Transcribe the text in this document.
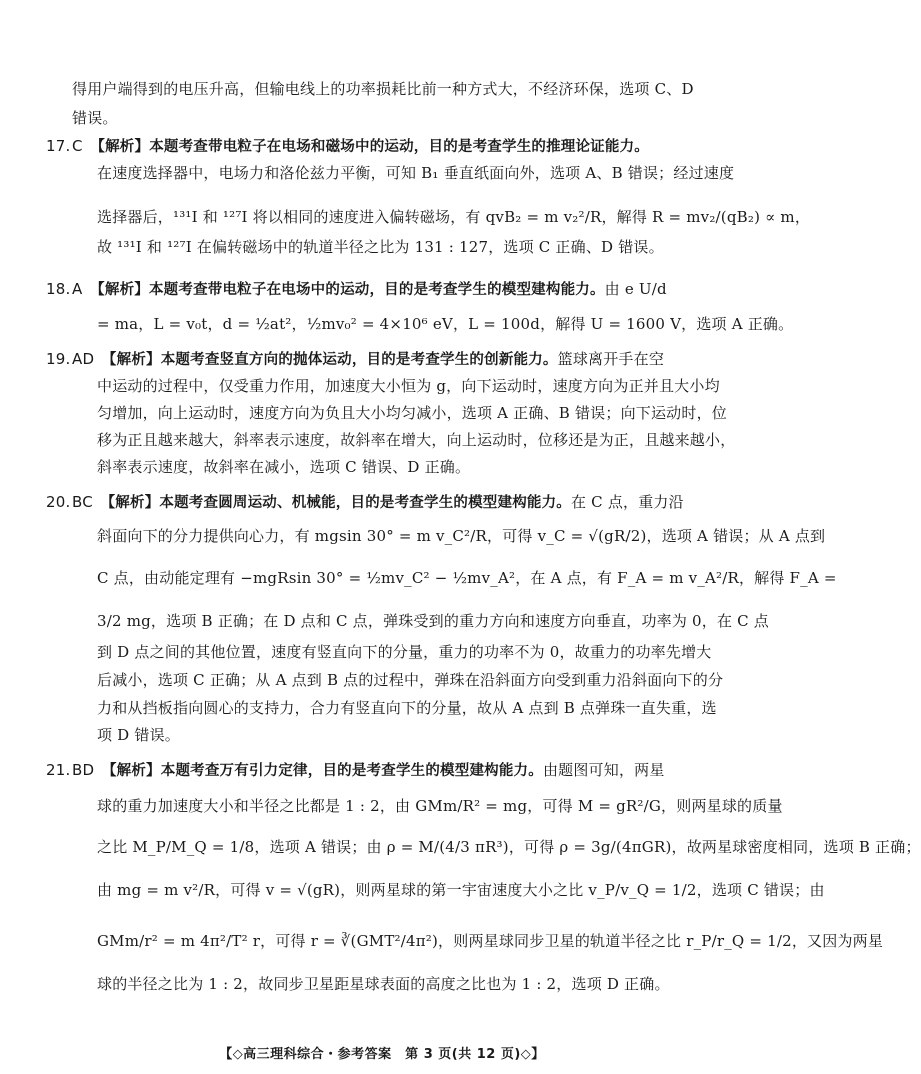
得用户端得到的电压升高，但输电线上的功率损耗比前一种方式大，不经济环保，选项 C、D
错误。
17. C  【解析】本题考查带电粒子在电场和磁场中的运动，目的是考查学生的推理论证能力。
在速度选择器中，电场力和洛伦兹力平衡，可知 B₁ 垂直纸面向外，选项 A、B 错误；经过速度
选择器后，¹³¹I 和 ¹²⁷I 将以相同的速度进入偏转磁场，有 qvB₂ = m v₂²/R，解得 R = mv₂/(qB₂) ∝ m，
故 ¹³¹I 和 ¹²⁷I 在偏转磁场中的轨道半径之比为 131 : 127，选项 C 正确、D 错误。
18. A  【解析】本题考查带电粒子在电场中的运动，目的是考查学生的模型建构能力。由 e U/d
= ma，L = v₀t，d = ½at²，½mv₀² = 4×10⁶ eV，L = 100d，解得 U = 1600 V，选项 A 正确。
19. AD  【解析】本题考查竖直方向的抛体运动，目的是考查学生的创新能力。篮球离开手在空
中运动的过程中，仅受重力作用，加速度大小恒为 g，向下运动时，速度方向为正并且大小均
匀增加，向上运动时，速度方向为负且大小均匀减小，选项 A 正确、B 错误；向下运动时，位
移为正且越来越大，斜率表示速度，故斜率在增大，向上运动时，位移还是为正，且越来越小，
斜率表示速度，故斜率在减小，选项 C 错误、D 正确。
20. BC  【解析】本题考查圆周运动、机械能，目的是考查学生的模型建构能力。在 C 点，重力沿
斜面向下的分力提供向心力，有 mgsin 30° = m v_C²/R，可得 v_C = √(gR/2)，选项 A 错误；从 A 点到
C 点，由动能定理有 −mgRsin 30° = ½mv_C² − ½mv_A²，在 A 点，有 F_A = m v_A²/R，解得 F_A =
3/2 mg，选项 B 正确；在 D 点和 C 点，弹珠受到的重力方向和速度方向垂直，功率为 0，在 C 点
到 D 点之间的其他位置，速度有竖直向下的分量，重力的功率不为 0，故重力的功率先增大
后减小，选项 C 正确；从 A 点到 B 点的过程中，弹珠在沿斜面方向受到重力沿斜面向下的分
力和从挡板指向圆心的支持力，合力有竖直向下的分量，故从 A 点到 B 点弹珠一直失重，选
项 D 错误。
21. BD  【解析】本题考查万有引力定律，目的是考查学生的模型建构能力。由题图可知，两星
球的重力加速度大小和半径之比都是 1 : 2，由 GMm/R² = mg，可得 M = gR²/G，则两星球的质量
之比 M_P/M_Q = 1/8，选项 A 错误；由 ρ = M/(4/3 πR³)，可得 ρ = 3g/(4πGR)，故两星球密度相同，选项 B 正确；
由 mg = m v²/R，可得 v = √(gR)，则两星球的第一宇宙速度大小之比 v_P/v_Q = 1/2，选项 C 错误；由
GMm/r² = m 4π²/T² r，可得 r = ∛(GMT²/4π²)，则两星球同步卫星的轨道半径之比 r_P/r_Q = 1/2，又因为两星
球的半径之比为 1 : 2，故同步卫星距星球表面的高度之比也为 1 : 2，选项 D 正确。
【◇高三理科综合・参考答案　第 3 页(共 12 页)◇】
